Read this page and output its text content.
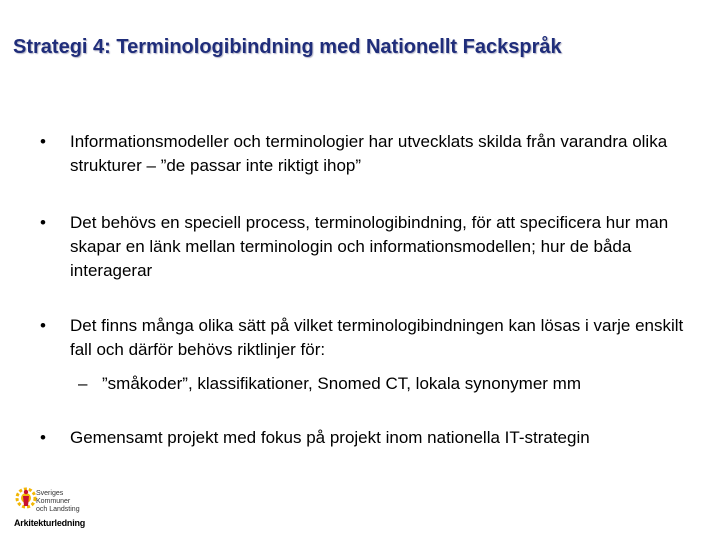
Strategi 4: Terminologibindning med Nationellt Fackspråk
• Informationsmodeller och terminologier har utvecklats skilda från varandra olika strukturer – ”de passar inte riktigt ihop”
• Det behövs en speciell process, terminologibindning, för att specificera hur man skapar en länk mellan terminologin och informationsmodellen; hur de båda interagerar
• Det finns många olika sätt på vilket terminologibindningen kan lösas i varje enskilt fall och därför behövs riktlinjer för:
– ”småkoder”, klassifikationer, Snomed CT, lokala synonymer mm
• Gemensamt projekt med fokus på projekt inom nationella IT-strategin
Sveriges
Kommuner
och Landsting
Arkitekturledning
